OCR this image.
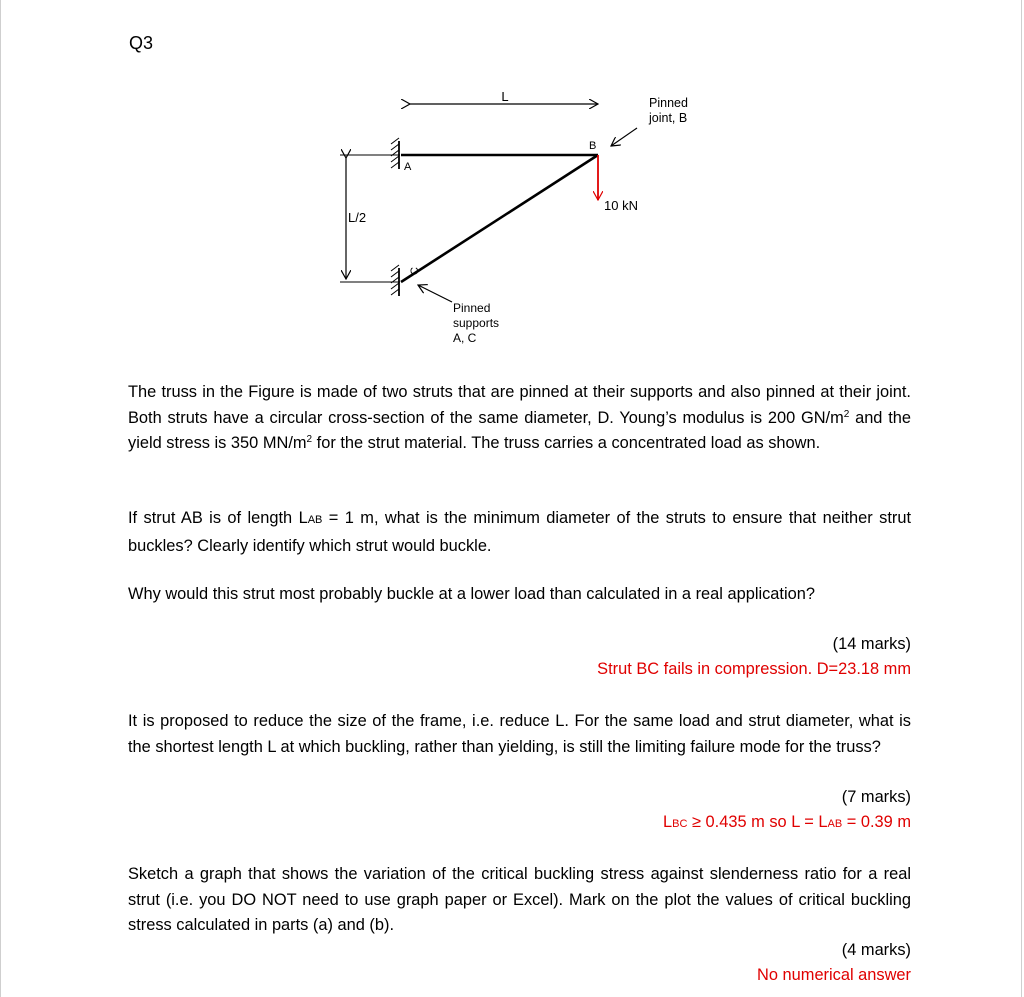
Q3
L	Pinned
joint, B
B
10 kN
A
C
L/2
Pinned
supports
A, C

The truss in the Figure is made of two struts that are pinned at their supports and also pinned at their joint. Both struts have a circular cross-section of the same diameter, D. Young’s modulus is 200 $GN/m^2$ and the yield stress is 350 $MN/m^2$ for the strut material. The truss carries a concentrated load as shown.

If strut AB is of length LAB = 1 m, what is the minimum diameter of the struts to ensure that neither strut buckles? Clearly identify which strut would buckle.

Why would this strut most probably buckle at a lower load than calculated in a real application?

(14 marks)
Strut BC fails in compression. D=23.18 mm

It is proposed to reduce the size of the frame, i.e. reduce L. For the same load and strut diameter, what is the shortest length L at which buckling, rather than yielding, is still the limiting failure mode for the truss?

(7 marks)
LBC ≥ 0.435 m so L = LAB = 0.39 m

Sketch a graph that shows the variation of the critical buckling stress against slenderness ratio for a real strut (i.e. you DO NOT need to use graph paper or Excel). Mark on the plot the values of critical buckling stress calculated in parts (a) and (b).

(4 marks)
No numerical answer
